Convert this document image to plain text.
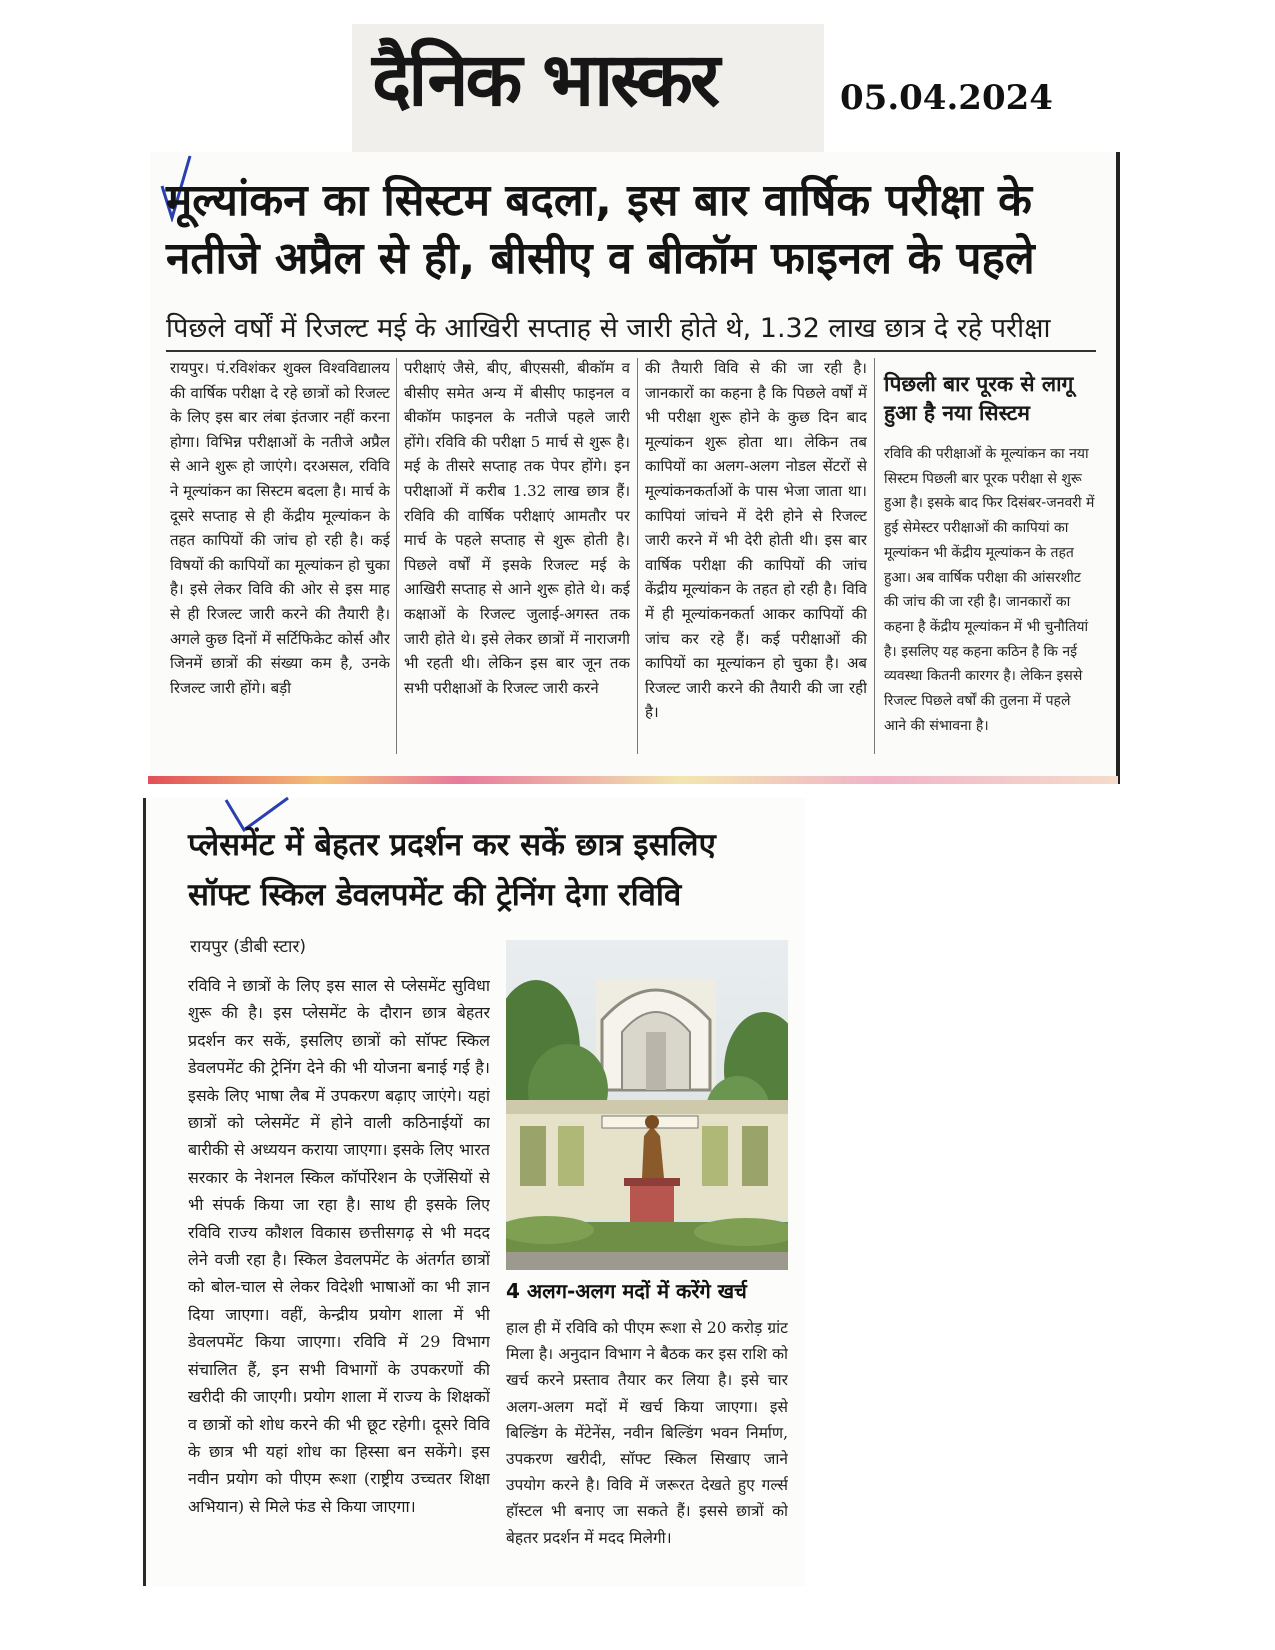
दैनिक भास्कर	05.04.2024
मूल्यांकन का सिस्टम बदला, इस बार वार्षिक परीक्षा के
नतीजे अप्रैल से ही, बीसीए व बीकॉम फाइनल के पहले
पिछले वर्षों में रिजल्ट मई के आखिरी सप्ताह से जारी होते थे, 1.32 लाख छात्र दे रहे परीक्षा
रायपुर। पं.रविशंकर शुक्ल विश्वविद्यालय की वार्षिक परीक्षा दे रहे छात्रों को रिजल्ट के लिए इस बार लंबा इंतजार नहीं करना होगा। विभिन्न परीक्षाओं के नतीजे अप्रैल से आने शुरू हो जाएंगे। दरअसल, रविवि ने मूल्यांकन का सिस्टम बदला है। मार्च के दूसरे सप्ताह से ही केंद्रीय मूल्यांकन के तहत कापियों की जांच हो रही है। कई विषयों की कापियों का मूल्यांकन हो चुका है। इसे लेकर विवि की ओर से इस माह से ही रिजल्ट जारी करने की तैयारी है। अगले कुछ दिनों में सर्टिफिकेट कोर्स और जिनमें छात्रों की संख्या कम है, उनके रिजल्ट जारी होंगे। बड़ी
परीक्षाएं जैसे, बीए, बीएससी, बीकॉम व बीसीए समेत अन्य में बीसीए फाइनल व बीकॉम फाइनल के नतीजे पहले जारी होंगे। रविवि की परीक्षा 5 मार्च से शुरू है। मई के तीसरे सप्ताह तक पेपर होंगे। इन परीक्षाओं में करीब 1.32 लाख छात्र हैं। रविवि की वार्षिक परीक्षाएं आमतौर पर मार्च के पहले सप्ताह से शुरू होती है। पिछले वर्षों में इसके रिजल्ट मई के आखिरी सप्ताह से आने शुरू होते थे। कई कक्षाओं के रिजल्ट जुलाई-अगस्त तक जारी होते थे। इसे लेकर छात्रों में नाराजगी भी रहती थी। लेकिन इस बार जून तक सभी परीक्षाओं के रिजल्ट जारी करने
की तैयारी विवि से की जा रही है। जानकारों का कहना है कि पिछले वर्षों में भी परीक्षा शुरू होने के कुछ दिन बाद मूल्यांकन शुरू होता था। लेकिन तब कापियों का अलग-अलग नोडल सेंटरों से मूल्यांकनकर्ताओं के पास भेजा जाता था। कापियां जांचने में देरी होने से रिजल्ट जारी करने में भी देरी होती थी। इस बार वार्षिक परीक्षा की कापियों की जांच केंद्रीय मूल्यांकन के तहत हो रही है। विवि में ही मूल्यांकनकर्ता आकर कापियों की जांच कर रहे हैं। कई परीक्षाओं की कापियों का मूल्यांकन हो चुका है। अब रिजल्ट जारी करने की तैयारी की जा रही है।
पिछली बार पूरक से लागू हुआ है नया सिस्टम
रविवि की परीक्षाओं के मूल्यांकन का नया सिस्टम पिछली बार पूरक परीक्षा से शुरू हुआ है। इसके बाद फिर दिसंबर-जनवरी में हुई सेमेस्टर परीक्षाओं की कापियां का मूल्यांकन भी केंद्रीय मूल्यांकन के तहत हुआ। अब वार्षिक परीक्षा की आंसरशीट की जांच की जा रही है। जानकारों का कहना है केंद्रीय मूल्यांकन में भी चुनौतियां है। इसलिए यह कहना कठिन है कि नई व्यवस्था कितनी कारगर है। लेकिन इससे रिजल्ट पिछले वर्षों की तुलना में पहले आने की संभावना है।
प्लेसमेंट में बेहतर प्रदर्शन कर सकें छात्र इसलिए
सॉफ्ट स्किल डेवलपमेंट की ट्रेनिंग देगा रविवि
रायपुर (डीबी स्टार)
रविवि ने छात्रों के लिए इस साल से प्लेसमेंट सुविधा शुरू की है। इस प्लेसमेंट के दौरान छात्र बेहतर प्रदर्शन कर सकें, इसलिए छात्रों को सॉफ्ट स्किल डेवलपमेंट की ट्रेनिंग देने की भी योजना बनाई गई है। इसके लिए भाषा लैब में उपकरण बढ़ाए जाएंगे। यहां छात्रों को प्लेसमेंट में होने वाली कठिनाईयों का बारीकी से अध्ययन कराया जाएगा। इसके लिए भारत सरकार के नेशनल स्किल कॉर्पोरेशन के एजेंसियों से भी संपर्क किया जा रहा है। साथ ही इसके लिए रविवि राज्य कौशल विकास छत्तीसगढ़ से भी मदद लेने वजी रहा है। स्किल डेवलपमेंट के अंतर्गत छात्रों को बोल-चाल से लेकर विदेशी भाषाओं का भी ज्ञान दिया जाएगा। वहीं, केन्द्रीय प्रयोग शाला में भी डेवलपमेंट किया जाएगा। रविवि में 29 विभाग संचालित हैं, इन सभी विभागों के उपकरणों की खरीदी की जाएगी। प्रयोग शाला में राज्य के शिक्षकों व छात्रों को शोध करने की भी छूट रहेगी। दूसरे विवि के छात्र भी यहां शोध का हिस्सा बन सकेंगे। इस नवीन प्रयोग को पीएम रूशा (राष्ट्रीय उच्चतर शिक्षा अभियान) से मिले फंड से किया जाएगा।
4 अलग-अलग मदों में करेंगे खर्च
हाल ही में रविवि को पीएम रूशा से 20 करोड़ ग्रांट मिला है। अनुदान विभाग ने बैठक कर इस राशि को खर्च करने प्रस्ताव तैयार कर लिया है। इसे चार अलग-अलग मदों में खर्च किया जाएगा। इसे बिल्डिंग के मेंटेनेंस, नवीन बिल्डिंग भवन निर्माण, उपकरण खरीदी, सॉफ्ट स्किल सिखाए जाने उपयोग करने है। विवि में जरूरत देखते हुए गर्ल्स हॉस्टल भी बनाए जा सकते हैं। इससे छात्रों को बेहतर प्रदर्शन में मदद मिलेगी।
